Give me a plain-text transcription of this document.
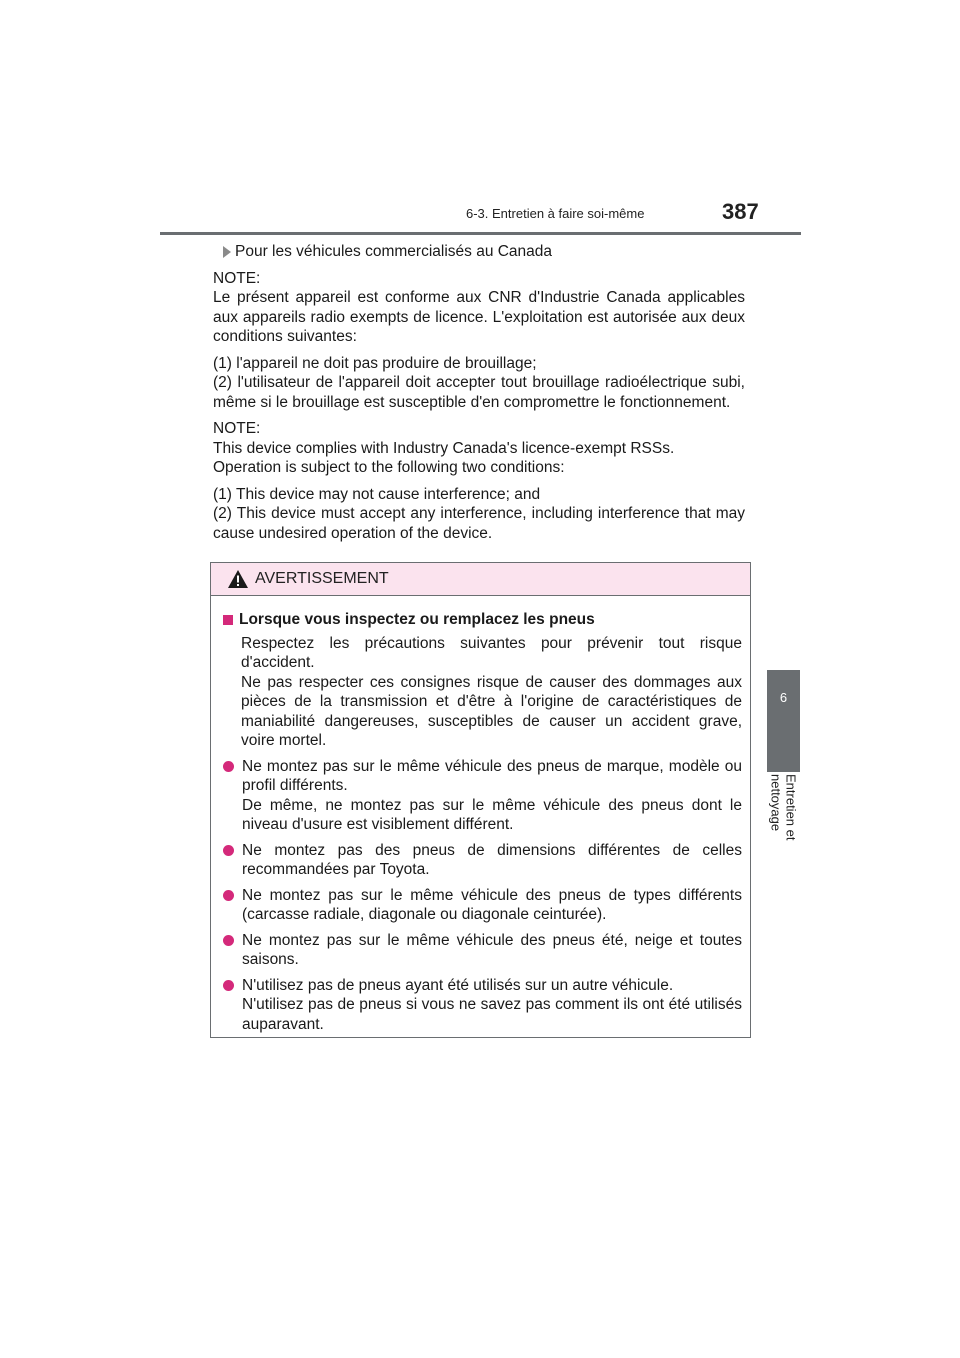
6-3. Entretien à faire soi-même	387
6
Entretien et nettoyage
Pour les véhicules commercialisés au Canada

NOTE:
Le présent appareil est conforme aux CNR d'Industrie Canada applicables aux appareils radio exempts de licence. L'exploitation est autorisée aux deux conditions suivantes:

(1) l'appareil ne doit pas produire de brouillage;
(2) l'utilisateur de l'appareil doit accepter tout brouillage radioélectrique subi, même si le brouillage est susceptible d'en compromettre le fonctionnement.

NOTE:
This device complies with Industry Canada's licence-exempt RSSs.
Operation is subject to the following two conditions:

(1) This device may not cause interference; and
(2) This device must accept any interference, including interference that may cause undesired operation of the device.

AVERTISSEMENT
Lorsque vous inspectez ou remplacez les pneus
Respectez les précautions suivantes pour prévenir tout risque d'accident.
Ne pas respecter ces consignes risque de causer des dommages aux pièces de la transmission et d'être à l'origine de caractéristiques de maniabilité dangereuses, susceptibles de causer un accident grave, voire mortel.
Ne montez pas sur le même véhicule des pneus de marque, modèle ou profil différents.
De même, ne montez pas sur le même véhicule des pneus dont le niveau d'usure est visiblement différent.
Ne montez pas des pneus de dimensions différentes de celles recommandées par Toyota.
Ne montez pas sur le même véhicule des pneus de types différents (carcasse radiale, diagonale ou diagonale ceinturée).
Ne montez pas sur le même véhicule des pneus été, neige et toutes saisons.
N'utilisez pas de pneus ayant été utilisés sur un autre véhicule.
N'utilisez pas de pneus si vous ne savez pas comment ils ont été utilisés auparavant.
